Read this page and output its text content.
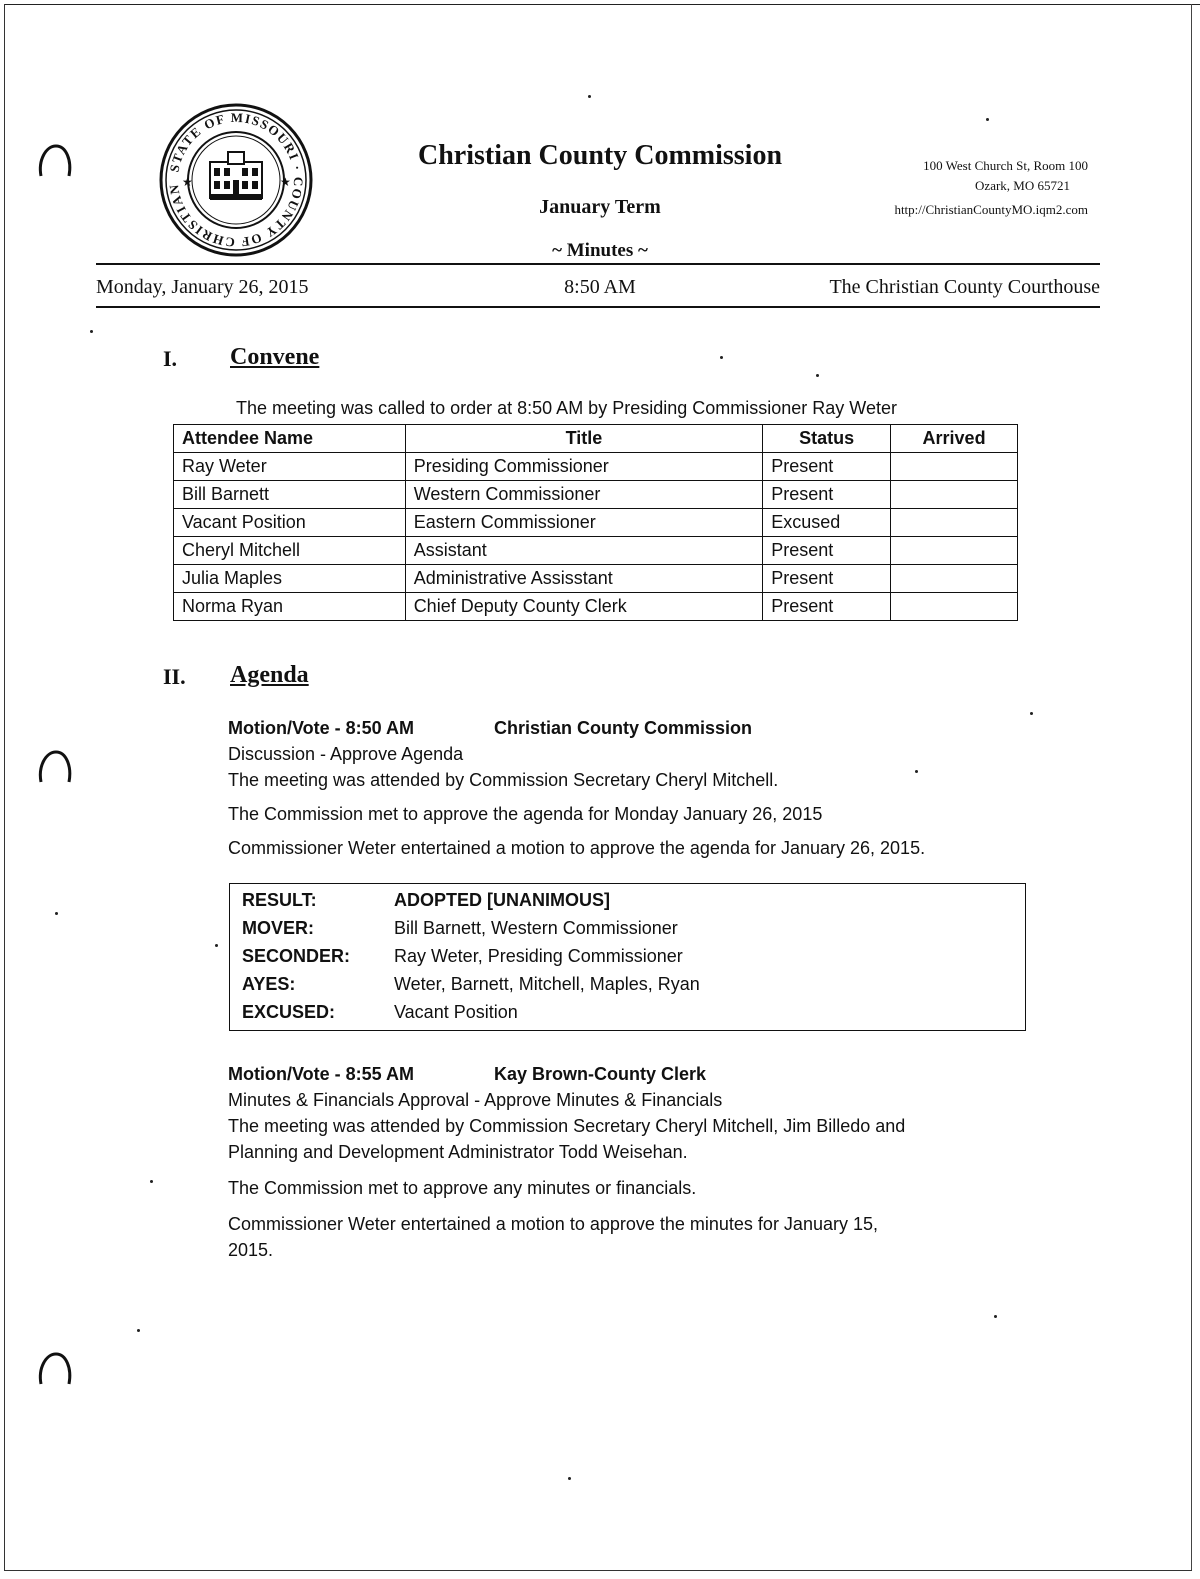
STATE OF MISSOURI · COUNTY OF CHRISTIAN ★	★
Christian County Commission
January Term
~ Minutes ~
100 West Church St, Room 100
Ozark, MO 65721
http://ChristianCountyMO.iqm2.com
Monday, January 26, 2015	8:50 AM	The Christian County Courthouse
I. Convene
The meeting was called to order at 8:50 AM by Presiding Commissioner Ray Weter
Attendee Name	Title	Status	Arrived
Ray Weter	Presiding Commissioner	Present	
Bill Barnett	Western Commissioner	Present	
Vacant Position	Eastern Commissioner	Excused	
Cheryl Mitchell	Assistant	Present	
Julia Maples	Administrative Assisstant	Present	
Norma Ryan	Chief Deputy County Clerk	Present	
II. Agenda
Motion/Vote - 8:50 AM	Christian County Commission

Discussion - Approve Agenda

The meeting was attended by Commission Secretary Cheryl Mitchell.

The Commission met to approve the agenda for Monday January 26, 2015

Commissioner Weter entertained a motion to approve the agenda for January 26, 2015.

RESULT:	ADOPTED [UNANIMOUS]
MOVER:	Bill Barnett, Western Commissioner
SECONDER:	Ray Weter, Presiding Commissioner
AYES:	Weter, Barnett, Mitchell, Maples, Ryan
EXCUSED:	Vacant Position
Motion/Vote - 8:55 AM	Kay Brown-County Clerk

Minutes & Financials Approval - Approve Minutes & Financials

The meeting was attended by Commission Secretary Cheryl Mitchell, Jim Billedo and

Planning and Development Administrator Todd Weisehan.

The Commission met to approve any minutes or financials.

Commissioner Weter entertained a motion to approve the minutes for January 15,

2015.
